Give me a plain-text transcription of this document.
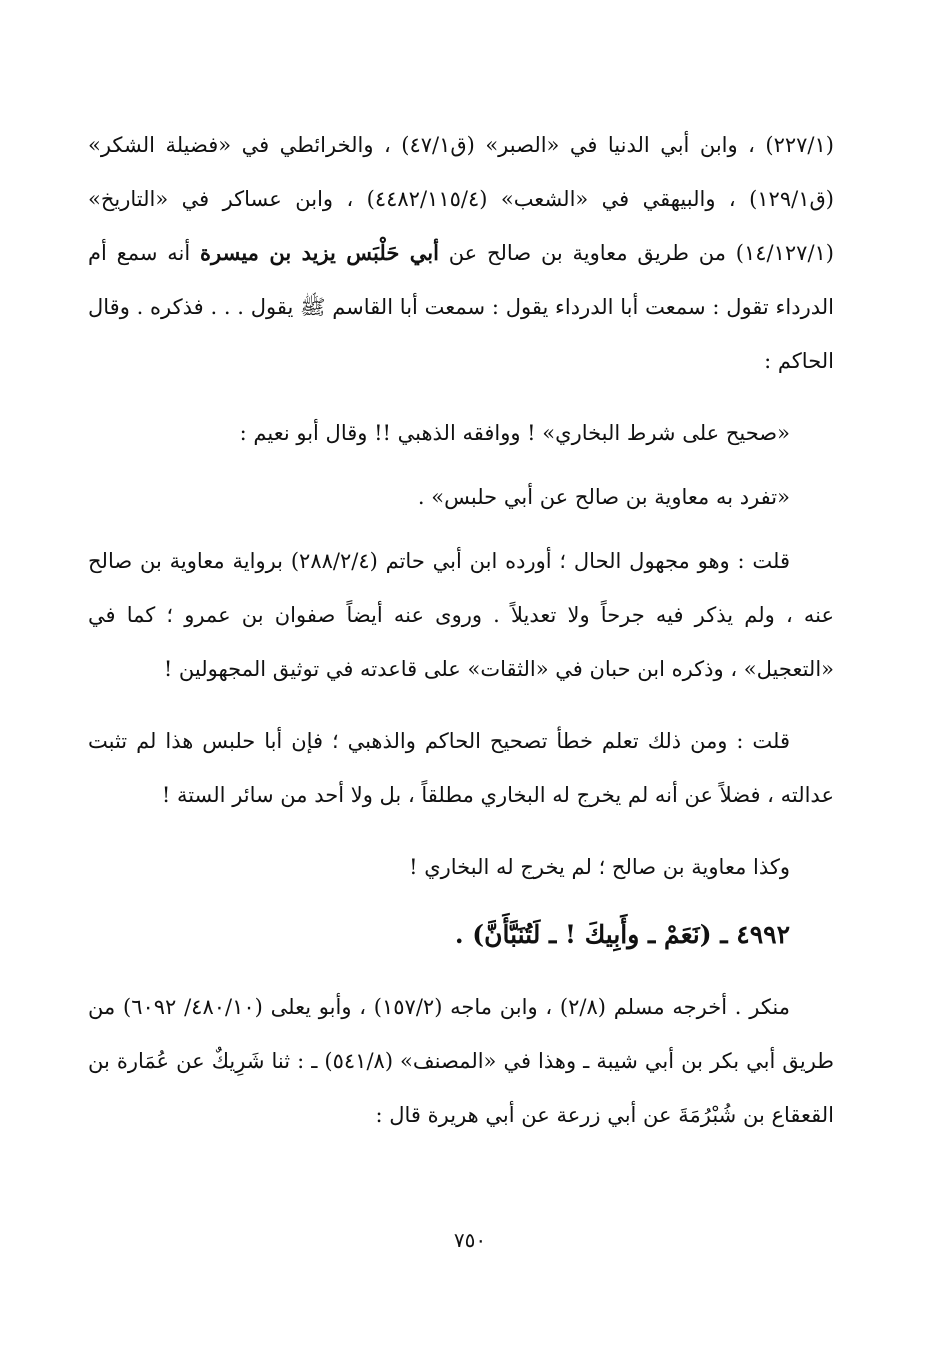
(٢٢٧/١) ، وابن أبي الدنيا في «الصبر» (ق٤٧/١) ، والخرائطي في «فضيلة الشكر» (ق١٢٩/١) ، والبيهقي في «الشعب» (٤٤٨٢/١١٥/٤) ، وابن عساكر في «التاريخ» (١٤/١٢٧/١) من طريق معاوية بن صالح عن أبي حَلْبَس يزيد بن ميسرة أنه سمع أم الدرداء تقول : سمعت أبا الدرداء يقول : سمعت أبا القاسم ﷺ يقول . . . فذكره . وقال الحاكم :

«صحيح على شرط البخاري» ! ووافقه الذهبي !! وقال أبو نعيم :

«تفرد به معاوية بن صالح عن أبي حلبس» .

قلت : وهو مجهول الحال ؛ أورده ابن أبي حاتم (٢٨٨/٢/٤) برواية معاوية بن صالح عنه ، ولم يذكر فيه جرحاً ولا تعديلاً . وروى عنه أيضاً صفوان بن عمرو ؛ كما في «التعجيل» ، وذكره ابن حبان في «الثقات» على قاعدته في توثيق المجهولين !

قلت : ومن ذلك تعلم خطأ تصحيح الحاكم والذهبي ؛ فإن أبا حلبس هذا لم تثبت عدالته ، فضلاً عن أنه لم يخرج له البخاري مطلقاً ، بل ولا أحد من سائر الستة !

وكذا معاوية بن صالح ؛ لم يخرج له البخاري !

٤٩٩٢ ـ (نَعَمْ ـ وأَبِيكَ ! ـ لَتُنَبَّأَنَّ) .

منكر . أخرجه مسلم (٢/٨) ، وابن ماجه (١٥٧/٢) ، وأبو يعلى (٤٨٠/١٠/ ٦٠٩٢) من طريق أبي بكر بن أبي شيبة ـ وهذا في «المصنف» (٥٤١/٨) ـ : ثنا شَرِيكٌ عن عُمَارة بن القعقاع بن شُبْرُمَةَ عن أبي زرعة عن أبي هريرة قال :

٧٥٠
